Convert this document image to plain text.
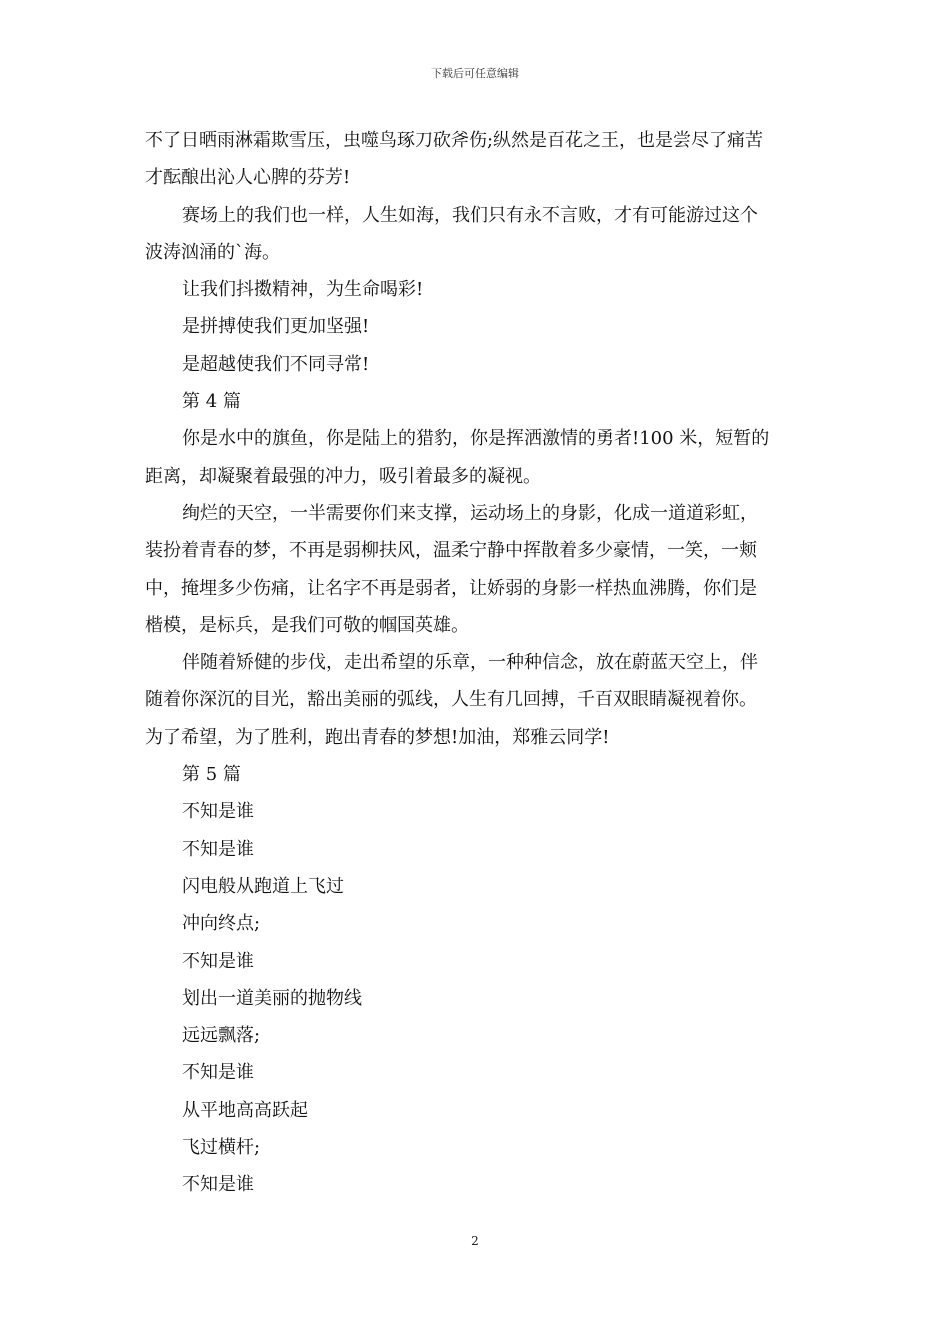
下载后可任意编辑

不了日晒雨淋霜欺雪压，虫噬鸟琢刀砍斧伤;纵然是百花之王，也是尝尽了痛苦

才酝酿出沁人心脾的芬芳!

赛场上的我们也一样，人生如海，我们只有永不言败，才有可能游过这个

波涛汹涌的`海。

让我们抖擞精神，为生命喝彩!

是拼搏使我们更加坚强!

是超越使我们不同寻常!

第 4 篇

你是水中的旗鱼，你是陆上的猎豹，你是挥洒激情的勇者!100 米，短暂的

距离，却凝聚着最强的冲力，吸引着最多的凝视。

绚烂的天空，一半需要你们来支撑，运动场上的身影，化成一道道彩虹，

装扮着青春的梦，不再是弱柳扶风，温柔宁静中挥散着多少豪情，一笑，一颊

中，掩埋多少伤痛，让名字不再是弱者，让娇弱的身影一样热血沸腾，你们是

楷模，是标兵，是我们可敬的帼国英雄。

伴随着矫健的步伐，走出希望的乐章，一种种信念，放在蔚蓝天空上，伴

随着你深沉的目光，豁出美丽的弧线，人生有几回搏，千百双眼睛凝视着你。

为了希望，为了胜利，跑出青春的梦想!加油，郑雅云同学!

第 5 篇

不知是谁

不知是谁

闪电般从跑道上飞过

冲向终点;

不知是谁

划出一道美丽的抛物线

远远飘落;

不知是谁

从平地高高跃起

飞过横杆;

不知是谁

2
